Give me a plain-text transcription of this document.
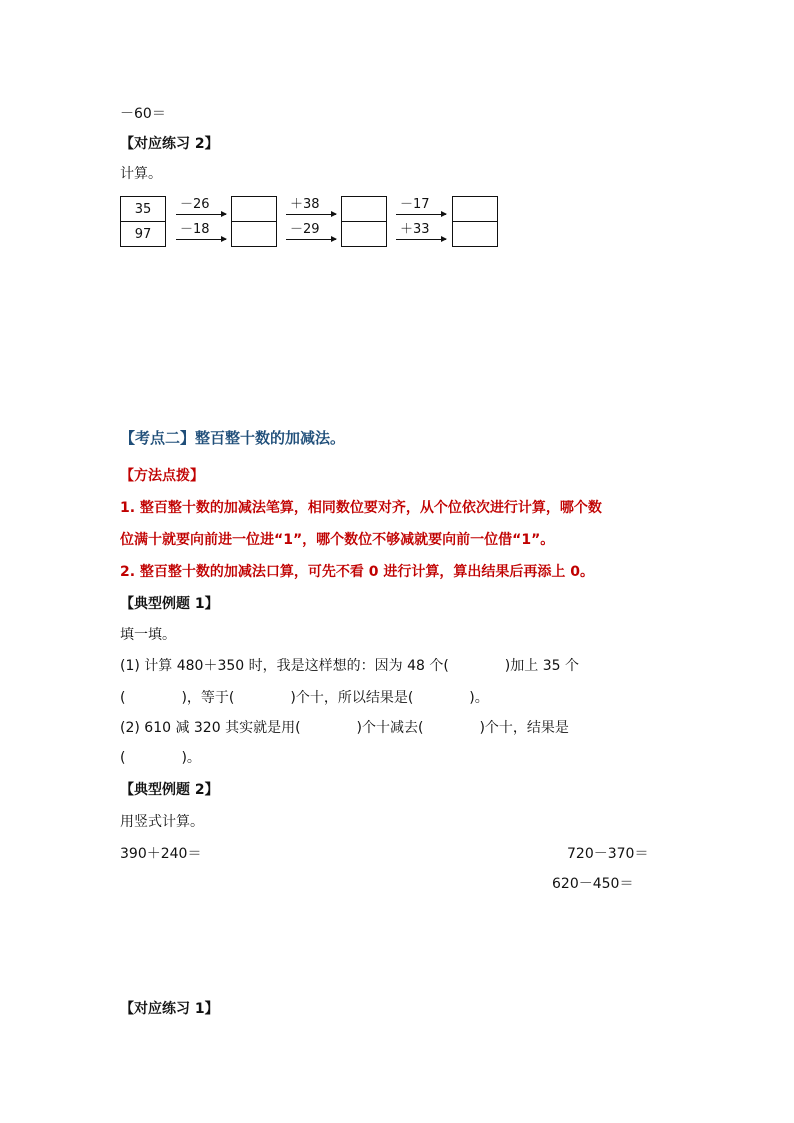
－60＝
【对应练习 2】
计算。
35
97
－26
－18
＋38
－29
－17
＋33
【考点二】整百整十数的加减法。
【方法点拨】
1. 整百整十数的加减法笔算，相同数位要对齐，从个位依次进行计算，哪个数
位满十就要向前进一位进“1”，哪个数位不够减就要向前一位借“1”。
2. 整百整十数的加减法口算，可先不看 0 进行计算，算出结果后再添上 0。
【典型例题 1】
填一填。
(1) 计算 480＋350 时，我是这样想的：因为 48 个(　　　　)加上 35 个
(　　　　)，等于(　　　　)个十，所以结果是(　　　　)。
(2) 610 减 320 其实就是用(　　　　)个十减去(　　　　)个十，结果是
(　　　　)。
【典型例题 2】
用竖式计算。
390＋240＝	720－370＝
620－450＝
【对应练习 1】
